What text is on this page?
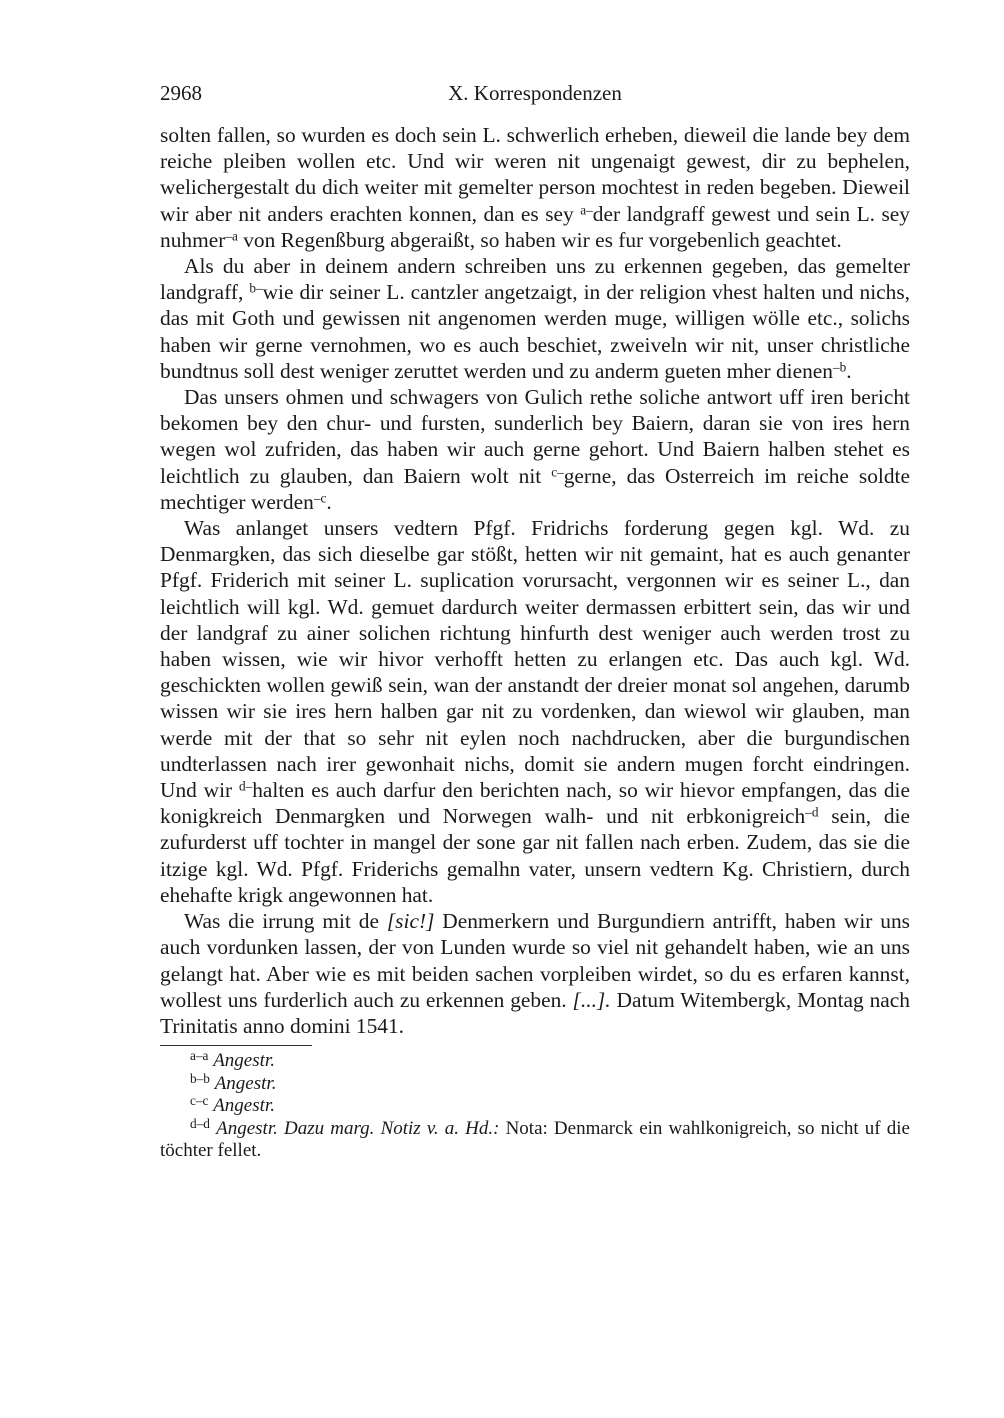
2968	X. Korrespondenzen

solten fallen, so wurden es doch sein L. schwerlich erheben, dieweil die lande bey dem reiche pleiben wollen etc. Und wir weren nit ungenaigt gewest, dir zu bephelen, welichergestalt du dich weiter mit gemelter person mochtest in reden begeben. Dieweil wir aber nit anders erachten konnen, dan es sey $^{a-}$der landgraff gewest und sein L. sey nuhmer$^{-a}$ von Regenßburg abgeraißt, so haben wir es fur vorgebenlich geachtet.

Als du aber in deinem andern schreiben uns zu erkennen gegeben, das gemelter landgraff, $^{b-}$wie dir seiner L. cantzler angetzaigt, in der religion vhest halten und nichs, das mit Goth und gewissen nit angenomen werden muge, willigen wölle etc., solichs haben wir gerne vernohmen, wo es auch beschiet, zweiveln wir nit, unser christliche bundtnus soll dest weniger zeruttet werden und zu anderm gueten mher dienen$^{-b}$.

Das unsers ohmen und schwagers von Gulich rethe soliche antwort uff iren bericht bekomen bey den chur- und fursten, sunderlich bey Baiern, daran sie von ires hern wegen wol zufriden, das haben wir auch gerne gehort. Und Baiern halben stehet es leichtlich zu glauben, dan Baiern wolt nit $^{c-}$gerne, das Osterreich im reiche soldte mechtiger werden$^{-c}$.

Was anlanget unsers vedtern Pfgf. Fridrichs forderung gegen kgl. Wd. zu Denmargken, das sich dieselbe gar stößt, hetten wir nit gemaint, hat es auch genanter Pfgf. Friderich mit seiner L. suplication vorursacht, vergonnen wir es seiner L., dan leichtlich will kgl. Wd. gemuet dardurch weiter dermassen erbittert sein, das wir und der landgraf zu ainer solichen richtung hinfurth dest weniger auch werden trost zu haben wissen, wie wir hivor verhofft hetten zu erlangen etc. Das auch kgl. Wd. geschickten wollen gewiß sein, wan der anstandt der dreier monat sol angehen, darumb wissen wir sie ires hern halben gar nit zu vordenken, dan wiewol wir glauben, man werde mit der that so sehr nit eylen noch nachdrucken, aber die burgundischen undterlassen nach irer gewonhait nichs, domit sie andern mugen forcht eindringen. Und wir $^{d-}$halten es auch darfur den berichten nach, so wir hievor empfangen, das die konigkreich Denmargken und Norwegen walh- und nit erbkonigreich$^{-d}$ sein, die zufurderst uff tochter in mangel der sone gar nit fallen nach erben. Zudem, das sie die itzige kgl. Wd. Pfgf. Friderichs gemalhn vater, unsern vedtern Kg. Christiern, durch ehehafte krigk angewonnen hat.

Was die irrung mit de [sic!] Denmerkern und Burgundiern antrifft, haben wir uns auch vordunken lassen, der von Lunden wurde so viel nit gehandelt haben, wie an uns gelangt hat. Aber wie es mit beiden sachen vorpleiben wirdet, so du es erfaren kannst, wollest uns furderlich auch zu erkennen geben. [...]. Datum Witembergk, Montag nach Trinitatis anno domini 1541.

$^{a-a}$ Angestr.

$^{b-b}$ Angestr.

$^{c-c}$ Angestr.

$^{d-d}$ Angestr. Dazu marg. Notiz v. a. Hd.: Nota: Denmarck ein wahlkonigreich, so nicht uf die töchter fellet.
